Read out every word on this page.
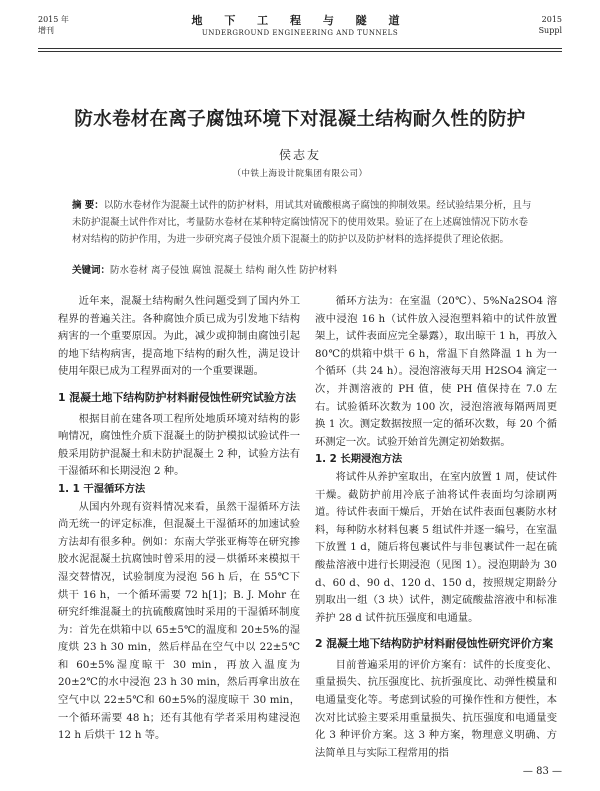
2015 年
增刊
地 下 工 程 与 隧 道
UNDERGROUND ENGINEERING AND TUNNELS
2015
Suppl
防水卷材在离子腐蚀环境下对混凝土结构耐久性的防护
侯志友
（中铁上海设计院集团有限公司）
摘 要：以防水卷材作为混凝土试件的防护材料，用试其对硫酸根离子腐蚀的抑制效果。经试验结果分析，且与未防护混凝土试件作对比，考量防水卷材在某种特定腐蚀情况下的使用效果。验证了在上述腐蚀情况下防水卷材对结构的防护作用，为进一步研究离子侵蚀介质下混凝土的防护以及防护材料的选择提供了理论依据。
关键词：防水卷材 离子侵蚀 腐蚀 混凝土 结构 耐久性 防护材料

近年来，混凝土结构耐久性问题受到了国内外工程界的普遍关注。各种腐蚀介质已成为引发地下结构病害的一个重要原因。为此，减少或抑制由腐蚀引起的地下结构病害，提高地下结构的耐久性，满足设计使用年限已成为工程界面对的一个重要课题。

1 混凝土地下结构防护材料耐侵蚀性研究试验方法

根据目前在建各项工程所处地质环境对结构的影响情况，腐蚀性介质下混凝土的防护模拟试验试件一般采用防护混凝土和未防护混凝土 2 种，试验方法有干湿循环和长期浸泡 2 种。

1. 1 干湿循环方法

从国内外现有资料情况来看，虽然干湿循环方法尚无统一的评定标准，但混凝土干湿循环的加速试验方法却有很多种。例如：东南大学张亚梅等在研究掺胶水泥混凝土抗腐蚀时曾采用的浸－烘循环来模拟干湿交替情况，试验制度为浸泡 56 h 后，在 55℃下烘干 16 h，一个循环需要 72 h[1]；B. J. Mohr 在研究纤维混凝土的抗硫酸腐蚀时采用的干湿循环制度为：首先在烘箱中以 65±5℃的温度和 20±5%的湿度烘 23 h 30 min，然后样品在空气中以 22±5℃和 60±5%湿度晾干 30 min，再放入温度为 20±2℃的水中浸泡 23 h 30 min，然后再拿出放在空气中以 22±5℃和 60±5%的湿度晾干 30 min，一个循环需要 48 h；还有其他有学者采用构建浸泡 12 h 后烘干 12 h 等。

循环方法为：在室温（20℃）、5%Na2SO4 溶液中浸泡 16 h（试件放入浸泡塑料箱中的试件放置架上，试件表面应完全暴露），取出晾干 1 h，再放入 80℃的烘箱中烘干 6 h，常温下自然降温 1 h 为一个循环（共 24 h）。浸泡溶液每天用 H2SO4 滴定一次，并测溶液的 PH 值，使 PH 值保持在 7.0 左右。试验循环次数为 100 次，浸泡溶液每隔两周更换 1 次。测定数据按照一定的循环次数，每 20 个循环测定一次。试验开始首先测定初始数据。

1. 2 长期浸泡方法

将试件从养护室取出，在室内放置 1 周，使试件干燥。截防护前用冷底子油将试件表面均匀涂刷两道。待试件表面干燥后，开始在试件表面包裹防水材料，每种防水材料包裹 5 组试件并逐一编号，在室温下放置 1 d，随后将包裹试件与非包裹试件一起在硫酸盐溶液中进行长期浸泡（见图 1）。浸泡期龄为 30 d、60 d、90 d、120 d、150 d，按照规定期龄分别取出一组（3 块）试件，测定硫酸盐溶液中和标准养护 28 d 试件抗压强度和电通量。

2 混凝土地下结构防护材料耐侵蚀性研究评价方案

目前普遍采用的评价方案有：试件的长度变化、重量损失、抗压强度比、抗折强度比、动弹性模量和电通量变化等。考虑到试验的可操作性和方便性，本次对比试验主要采用重量损失、抗压强度和电通量变化 3 种评价方案。这 3 种方案，物理意义明确、方法简单且与实际工程常用的指

— 83 —
